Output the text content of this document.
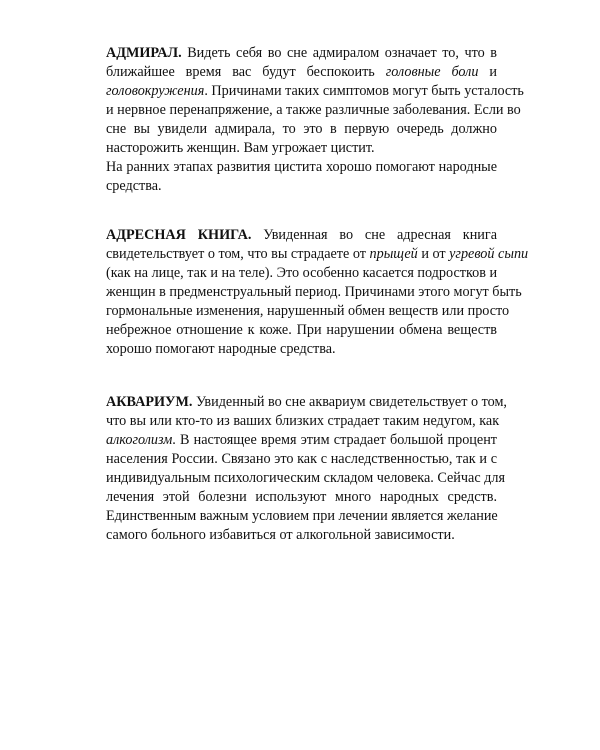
АДМИРАЛ. Видеть себя во сне адмиралом означает то, что в
ближайшее время вас будут беспокоить головные боли и
головокружения. Причинами таких симптомов могут быть усталость
и нервное перенапряжение, а также различные заболевания. Если во
сне вы увидели адмирала, то это в первую очередь должно
насторожить женщин. Вам угрожает цистит.
На ранних этапах развития цистита хорошо помогают народные
средства.
АДРЕСНАЯ КНИГА. Увиденная во сне адресная книга
свидетельствует о том, что вы страдаете от прыщей и от угревой сыпи
(как на лице, так и на теле). Это особенно касается подростков и
женщин в предменструальный период. Причинами этого могут быть
гормональные изменения, нарушенный обмен веществ или просто
небрежное отношение к коже. При нарушении обмена веществ
хорошо помогают народные средства.
АКВАРИУМ. Увиденный во сне аквариум свидетельствует о том,
что вы или кто-то из ваших близких страдает таким недугом, как
алкоголизм. В настоящее время этим страдает большой процент
населения России. Связано это как с наследственностью, так и с
индивидуальным психологическим складом человека. Сейчас для
лечения этой болезни используют много народных средств.
Единственным важным условием при лечении является желание
самого больного избавиться от алкогольной зависимости.
